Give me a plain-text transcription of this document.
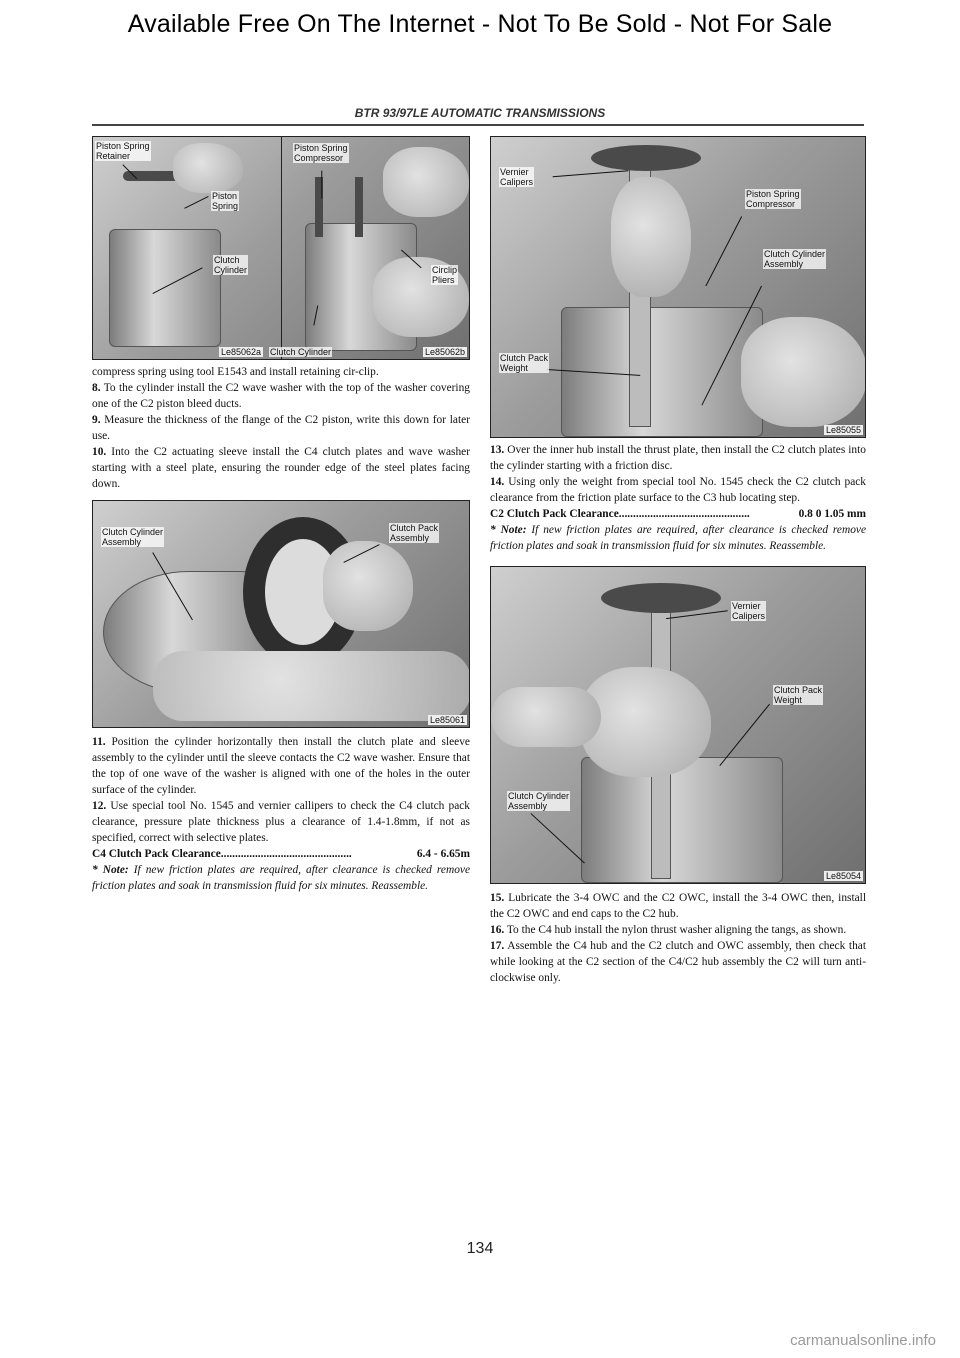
Available Free On The Internet - Not To Be Sold - Not For Sale
BTR 93/97LE AUTOMATIC TRANSMISSIONS
Piston Spring
Retainer
Piston
Spring
Clutch
Cylinder
Piston Spring
Compressor
Circlip
Pliers
Clutch Cylinder
Le85062a	Le85062b

compress spring using tool E1543 and install retaining cir-clip.

8. To the cylinder install the C2 wave washer with the top of the washer covering one of the C2 piston bleed ducts.

9. Measure the thickness of the flange of the C2 piston, write this down for later use.

10. Into the C2 actuating sleeve install the C4 clutch plates and wave washer starting with a steel plate, ensuring the rounder edge of the steel plates facing down.

Clutch Cylinder
Assembly
Clutch Pack
Assembly
Le85061

11. Position the cylinder horizontally then install the clutch plate and sleeve assembly to the cylinder until the sleeve contacts the C2 wave washer. Ensure that the top of one wave of the washer is aligned with one of the holes in the outer surface of the cylinder.

12. Use special tool No. 1545 and vernier callipers to check the C4 clutch pack clearance, pressure plate thickness plus a clearance of 1.4-1.8mm, if not as specified, correct with selective plates.

C4 Clutch Pack Clearance ..............................................	6.4 - 6.65m

* Note: If new friction plates are required, after clearance is checked remove friction plates and soak in transmission fluid for six minutes. Reassemble.

Vernier
Calipers
Piston Spring
Compressor
Clutch Cylinder
Assembly
Clutch Pack
Weight
Le85055

13. Over the inner hub install the thrust plate, then install the C2 clutch plates into the cylinder starting with a friction disc.

14. Using only the weight from special tool No. 1545 check the C2 clutch pack clearance from the friction plate surface to the C3 hub locating step.

C2 Clutch Pack Clearance ..............................................	0.8 0 1.05 mm

* Note: If new friction plates are required, after clearance is checked remove friction plates and soak in transmission fluid for six minutes. Reassemble.

Vernier
Calipers
Clutch Pack
Weight
Clutch Cylinder
Assembly
Le85054

15. Lubricate the 3-4 OWC and the C2 OWC, install the 3-4 OWC then, install the C2 OWC and end caps to the C2 hub.

16. To the C4 hub install the nylon thrust washer aligning the tangs, as shown.

17. Assemble the C4 hub and the C2 clutch and OWC assembly, then check that while looking at the C2 section of the C4/C2 hub assembly the C2 will turn anti-clockwise only.

134
carmanualsonline.info
